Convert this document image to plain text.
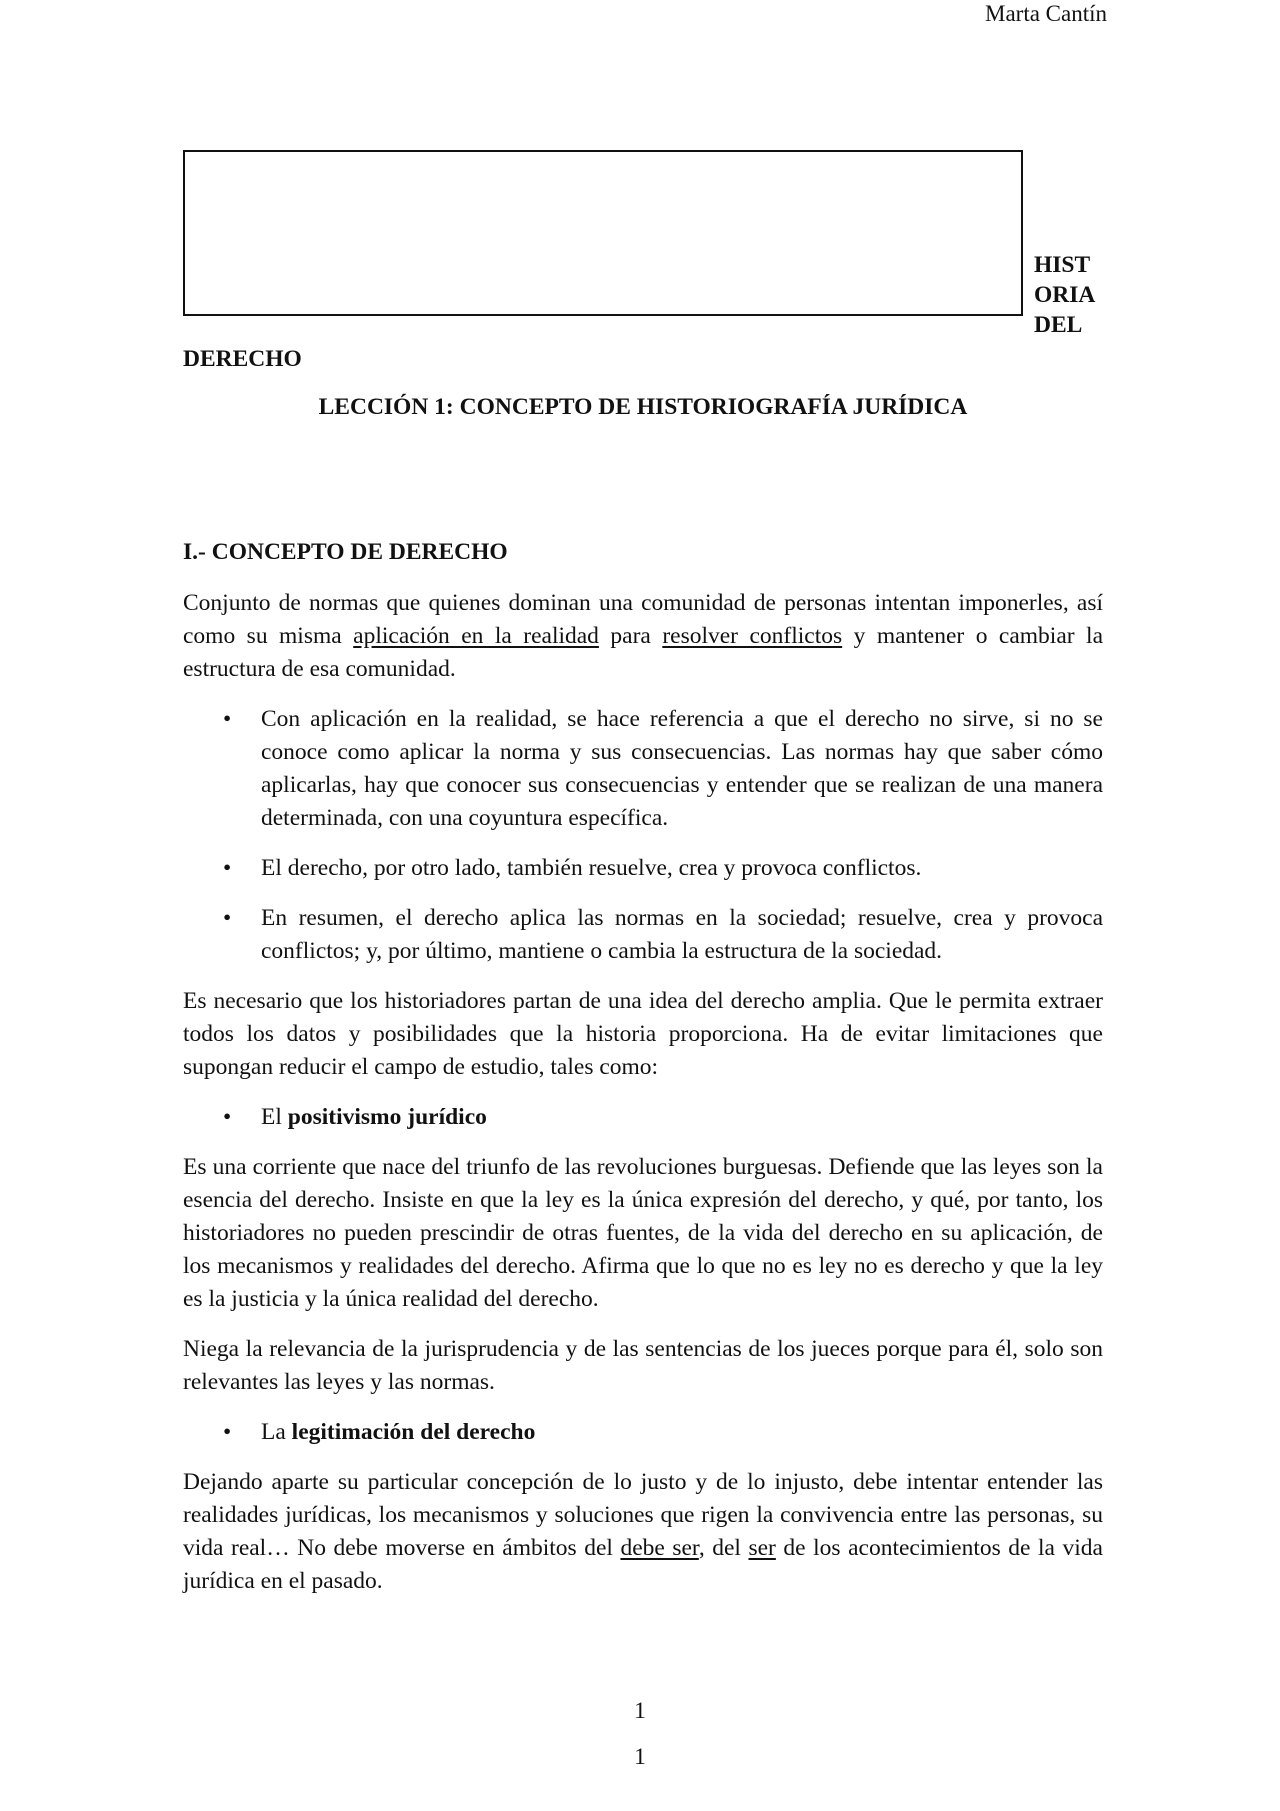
Marta Cantín
HIST
ORIA
DEL
DERECHO
LECCIÓN 1: CONCEPTO DE HISTORIOGRAFÍA JURÍDICA
I.- CONCEPTO DE DERECHO

Conjunto de normas que quienes dominan una comunidad de personas intentan imponerles, así como su misma aplicación en la realidad para resolver conflictos y mantener o cambiar la estructura de esa comunidad.

• Con aplicación en la realidad, se hace referencia a que el derecho no sirve, si no se conoce como aplicar la norma y sus consecuencias. Las normas hay que saber cómo aplicarlas, hay que conocer sus consecuencias y entender que se realizan de una manera determinada, con una coyuntura específica.
• El derecho, por otro lado, también resuelve, crea y provoca conflictos.
• En resumen, el derecho aplica las normas en la sociedad; resuelve, crea y provoca conflictos; y, por último, mantiene o cambia la estructura de la sociedad.

Es necesario que los historiadores partan de una idea del derecho amplia. Que le permita extraer todos los datos y posibilidades que la historia proporciona. Ha de evitar limitaciones que supongan reducir el campo de estudio, tales como:

• El positivismo jurídico

Es una corriente que nace del triunfo de las revoluciones burguesas. Defiende que las leyes son la esencia del derecho. Insiste en que la ley es la única expresión del derecho, y qué, por tanto, los historiadores no pueden prescindir de otras fuentes, de la vida del derecho en su aplicación, de los mecanismos y realidades del derecho. Afirma que lo que no es ley no es derecho y que la ley es la justicia y la única realidad del derecho.

Niega la relevancia de la jurisprudencia y de las sentencias de los jueces porque para él, solo son relevantes las leyes y las normas.

• La legitimación del derecho

Dejando aparte su particular concepción de lo justo y de lo injusto, debe intentar entender las realidades jurídicas, los mecanismos y soluciones que rigen la convivencia entre las personas, su vida real… No debe moverse en ámbitos del debe ser, del ser de los acontecimientos de la vida jurídica en el pasado.

1
1
